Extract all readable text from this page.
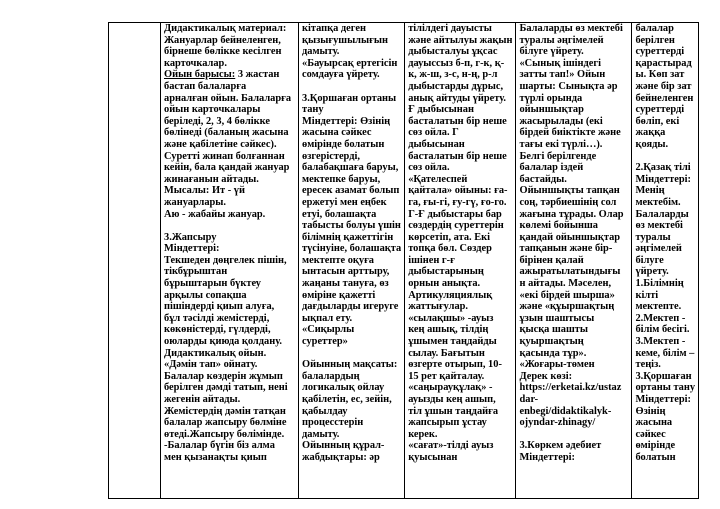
Дидактикалық материал:
Жануарлар бейнеленген,
бірнеше бөлікке кесілген
карточкалар.
Ойын барысы: 3 жастан
бастап балаларға
арналған ойын. Балаларға
ойын карточкалары
беріледі, 2, 3, 4 бөлікке
бөлінеді (баланың жасына
және қабілетіне сәйкес).
Суретті жинап болғаннан
кейін, бала қандай жануар
жинағанын айтады.
Мысалы: Ит - үй
жануарлары.
Аю - жабайы жануар.
3.Жапсыру
Міндеттері:
Текшеден дөңгелек пішін,
тікбұрыштан
бұрыштарын бүктеу
арқылы сопақша
пішіндерді қиып алуға,
бұл тәсілді жемістерді,
көкөністерді, гүлдерді,
оюларды қиюда қолдану.
Дидактикалық ойын.
«Дәмін тап» ойнату.
Балалар көздерін жұмып
берілген дәмді татып, нені
жегенін айтады.
Жемістердің дәмін татқан
балалар жапсыру бөлміне
өтеді.Жапсыру бөлімінде.
-Балалар бүгін біз алма
мен қызанақты қиып

кітапқа деген
қызығушылығын
дамыту.
«Бауырсақ ертегісін
сомдауға үйрету.
3.Қоршаған ортаны
тану
Міндеттері: Өзінің
жасына сәйкес
өміріндe болатын
өзгерістерді,
балабақшаға баруы,
мектепке баруы,
ересек азамат болып
ержетуі мен еңбек
етуі, болашақта
табысты болуы үшін
білімнің қажеттігін
түсінуіне, болашақта
мектепте оқуға
ынтасын арттыру,
жаңаны тануға, өз
өміріне қажетті
дағдыларды игеруге
ықпал ету.
«Сиқырлы
суреттер»
Ойынның мақсаты:
балалардың
логикалық ойлау
қабілетін, ес, зейін,
қабылдау
процесстерін
дамыту.
Ойынның құрал-
жабдықтары: әр

тілілдегі дауысты
және айтылуы жақын
дыбысталуы ұқсас
дауыссыз б-п, г-к, қ-
к, ж-ш, з-с, н-ң, р-л
дыбыстарды дұрыс,
анық айтуды үйрету.
Ғ дыбысынан
басталатын бір неше
сөз ойла. Г
дыбысынан
басталатын бір неше
сөз ойла.
«Қателеспей
қайтала» ойыны: ға-
га, ғы-гі, ғу-гү, ғо-го.
Г-Ғ дыбыстары бар
сөздердің суреттерін
көрсетіп, ата. Екі
топқа бөл. Сөздер
ішінен г-ғ
дыбыстарының
орнын анықта.
Артикуляциялық
жаттығулар.
«сылақшы» -ауыз
кең ашық, тілдің
ұшымен таңдайды
сылау. Бағытын
өзгерте отырып, 10-
15 рет қайталау.
«саңырауқұлақ» -
ауызды кең ашып,
тіл ұшын таңдайға
жапсырып ұстау
керек.
«сағат»-тілді ауыз
қуысынан

Балаларды өз мектебі
туралы әңгімелей
білуге үйрету.
«Сынық ішіндегі
затты тап!» Ойын
шарты: Сынықта әр
түрлі орында
ойыншықтар
жасырылады (екі
бірдей биіктікте және
тағы екі түрлі…).
Белгі берілгенде
балалар іздей
бастайды.
Ойыншықты тапқан
соң, тәрбиешінің сол
жағына тұрады. Олар
көлемі бойынша
қандай ойыншықтар
тапқанын және бір-
бірінен қалай
ажыратылатындығы
н айтады. Мәселен,
«екі бірдей шырша»
және «құыршақтың
ұзын шаштысы
қысқа шашты
қуыршақтың
қасында тұр».
«Жоғары-төмен
Дерек көзі:
https://erketai.kz/ustaz
dar-
enbegi/didaktikalyk-
ojyndar-zhinagy/
3.Көркем әдебиет
Міндеттері:

балалар
берілген
суреттерді
қарастырад
ы. Көп зат
және бір зат
бейнеленген
суреттерді
бөліп, екі
жаққа
қояды.
2.Қазақ тілі
Міндеттері:
Менің
мектебім.
Балаларды
өз мектебі
туралы
әңгімелей
білуге
үйрету.
1.Білімнің
кілті
мектепте.
2.Мектеп -
білім бесігі.
3.Мектеп -
кеме, білім –
теңіз.
3.Қоршаған
ортаны тану
Міндеттері:
Өзінің
жасына
сәйкес
өміріндe
болатын
